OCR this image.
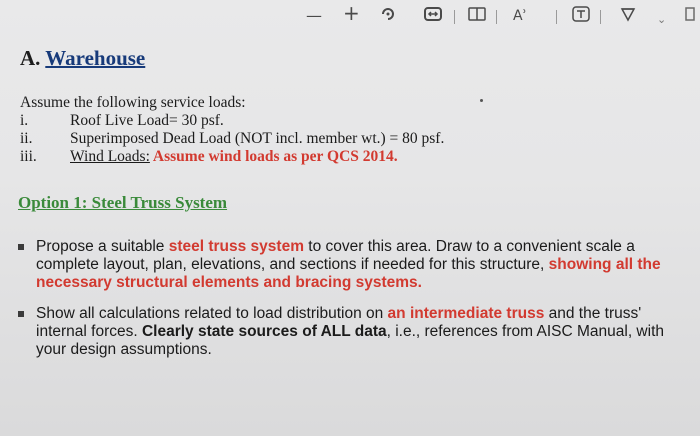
— +	Aʾ	⌄
A. Warehouse
Assume the following service loads:
i.	Roof Live Load= 30 psf.
ii. Superimposed Dead Load (NOT incl. member wt.) = 80 psf.
iii. Wind Loads: Assume wind loads as per QCS 2014.
Option 1: Steel Truss System
Propose a suitable steel truss system to cover this area. Draw to a convenient scale a complete layout, plan, elevations, and sections if needed for this structure, showing all the necessary structural elements and bracing systems.
Show all calculations related to load distribution on an intermediate truss and the truss' internal forces. Clearly state sources of ALL data, i.e., references from AISC Manual, with your design assumptions.
